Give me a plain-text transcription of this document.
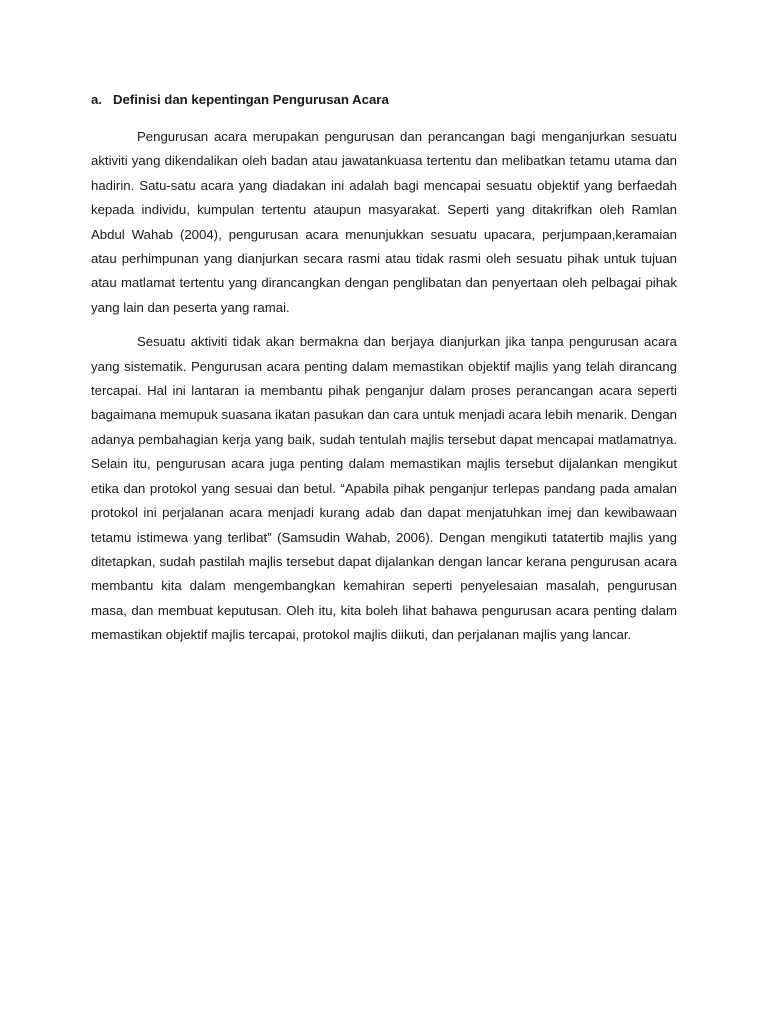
a. Definisi dan kepentingan Pengurusan Acara

Pengurusan acara merupakan pengurusan dan perancangan bagi menganjurkan sesuatu aktiviti yang dikendalikan oleh badan atau jawatankuasa tertentu dan melibatkan tetamu utama dan hadirin. Satu-satu acara yang diadakan ini adalah bagi mencapai sesuatu objektif yang berfaedah kepada individu, kumpulan tertentu ataupun masyarakat. Seperti yang ditakrifkan oleh Ramlan Abdul Wahab (2004), pengurusan acara menunjukkan sesuatu upacara, perjumpaan,keramaian atau perhimpunan yang dianjurkan secara rasmi atau tidak rasmi oleh sesuatu pihak untuk tujuan atau matlamat tertentu yang dirancangkan dengan penglibatan dan penyertaan oleh pelbagai pihak yang lain dan peserta yang ramai.

Sesuatu aktiviti tidak akan bermakna dan berjaya dianjurkan jika tanpa pengurusan acara yang sistematik. Pengurusan acara penting dalam memastikan objektif majlis yang telah dirancang tercapai. Hal ini lantaran ia membantu pihak penganjur dalam proses perancangan acara seperti bagaimana memupuk suasana ikatan pasukan dan cara untuk menjadi acara lebih menarik. Dengan adanya pembahagian kerja yang baik, sudah tentulah majlis tersebut dapat mencapai matlamatnya. Selain itu, pengurusan acara juga penting dalam memastikan majlis tersebut dijalankan mengikut etika dan protokol yang sesuai dan betul. “Apabila pihak penganjur terlepas pandang pada amalan protokol ini perjalanan acara menjadi kurang adab dan dapat menjatuhkan imej dan kewibawaan tetamu istimewa yang terlibat” (Samsudin Wahab, 2006). Dengan mengikuti tatatertib majlis yang ditetapkan, sudah pastilah majlis tersebut dapat dijalankan dengan lancar kerana pengurusan acara membantu kita dalam mengembangkan kemahiran seperti penyelesaian masalah, pengurusan masa, dan membuat keputusan. Oleh itu, kita boleh lihat bahawa pengurusan acara penting dalam memastikan objektif majlis tercapai, protokol majlis diikuti, dan perjalanan majlis yang lancar.
